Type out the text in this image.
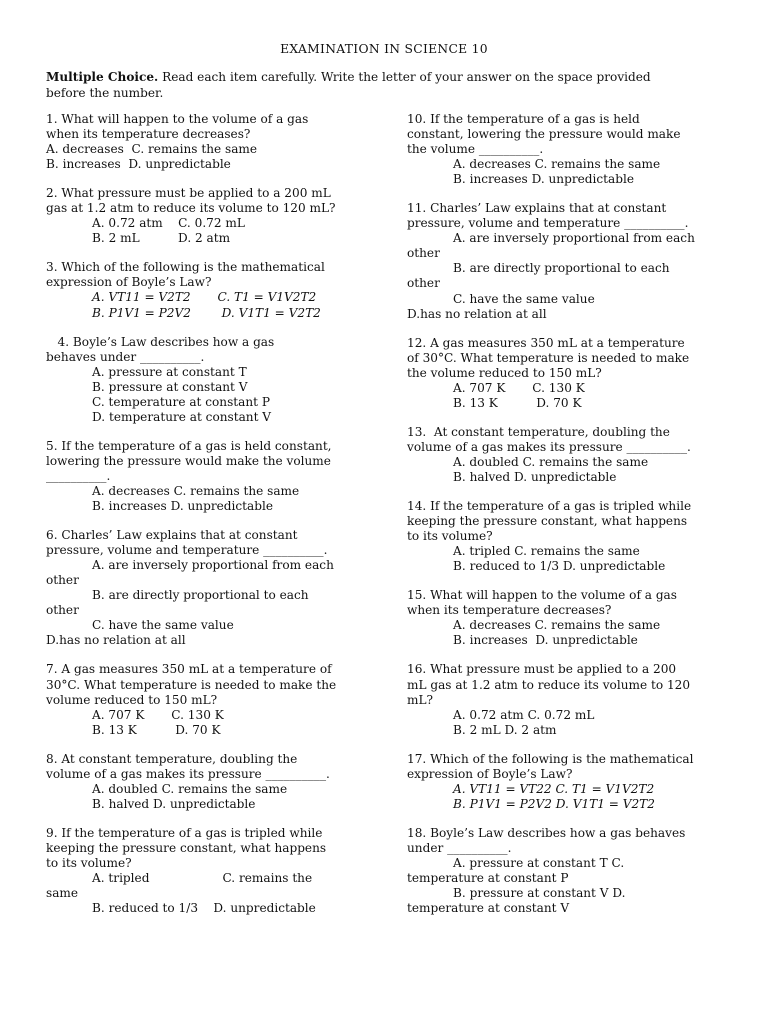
EXAMINATION IN SCIENCE 10
Multiple Choice. Read each item carefully. Write the letter of your answer on the space provided
before the number.
1. What will happen to the volume of a gas
when its temperature decreases?
A. decreases  C. remains the same
B. increases  D. unpredictable
2. What pressure must be applied to a 200 mL
gas at 1.2 atm to reduce its volume to 120 mL?
A. 0.72 atm    C. 0.72 mL
B. 2 mL          D. 2 atm
3. Which of the following is the mathematical
expression of Boyle’s Law?
A. VT11 = V2T2       C. T1 = V1V2T2
B. P1V1 = P2V2        D. V1T1 = V2T2
4. Boyle’s Law describes how a gas
behaves under __________.
A. pressure at constant T
B. pressure at constant V
C. temperature at constant P
D. temperature at constant V
5. If the temperature of a gas is held constant,
lowering the pressure would make the volume
__________.
A. decreases C. remains the same
B. increases D. unpredictable
6. Charles’ Law explains that at constant
pressure, volume and temperature __________.
A. are inversely proportional from each
other
B. are directly proportional to each
other
C. have the same value
D.has no relation at all
7. A gas measures 350 mL at a temperature of
30°C. What temperature is needed to make the
volume reduced to 150 mL?
A. 707 K       C. 130 K
B. 13 K          D. 70 K
8. At constant temperature, doubling the
volume of a gas makes its pressure __________.
A. doubled C. remains the same
B. halved D. unpredictable
9. If the temperature of a gas is tripled while
keeping the pressure constant, what happens
to its volume?
A. tripled                   C. remains the
same
B. reduced to 1/3    D. unpredictable
10. If the temperature of a gas is held
constant, lowering the pressure would make
the volume __________.
A. decreases C. remains the same
B. increases D. unpredictable
11. Charles’ Law explains that at constant
pressure, volume and temperature __________.
A. are inversely proportional from each
other
B. are directly proportional to each
other
C. have the same value
D.has no relation at all
12. A gas measures 350 mL at a temperature
of 30°C. What temperature is needed to make
the volume reduced to 150 mL?
A. 707 K       C. 130 K
B. 13 K          D. 70 K
13.  At constant temperature, doubling the
volume of a gas makes its pressure __________.
A. doubled C. remains the same
B. halved D. unpredictable
14. If the temperature of a gas is tripled while
keeping the pressure constant, what happens
to its volume?
A. tripled C. remains the same
B. reduced to 1/3 D. unpredictable
15. What will happen to the volume of a gas
when its temperature decreases?
A. decreases C. remains the same
B. increases  D. unpredictable
16. What pressure must be applied to a 200
mL gas at 1.2 atm to reduce its volume to 120
mL?
A. 0.72 atm C. 0.72 mL
B. 2 mL D. 2 atm
17. Which of the following is the mathematical
expression of Boyle’s Law?
A. VT11 = VT22 C. T1 = V1V2T2
B. P1V1 = P2V2 D. V1T1 = V2T2
18. Boyle’s Law describes how a gas behaves
under __________.
A. pressure at constant T C.
temperature at constant P
B. pressure at constant V D.
temperature at constant V
